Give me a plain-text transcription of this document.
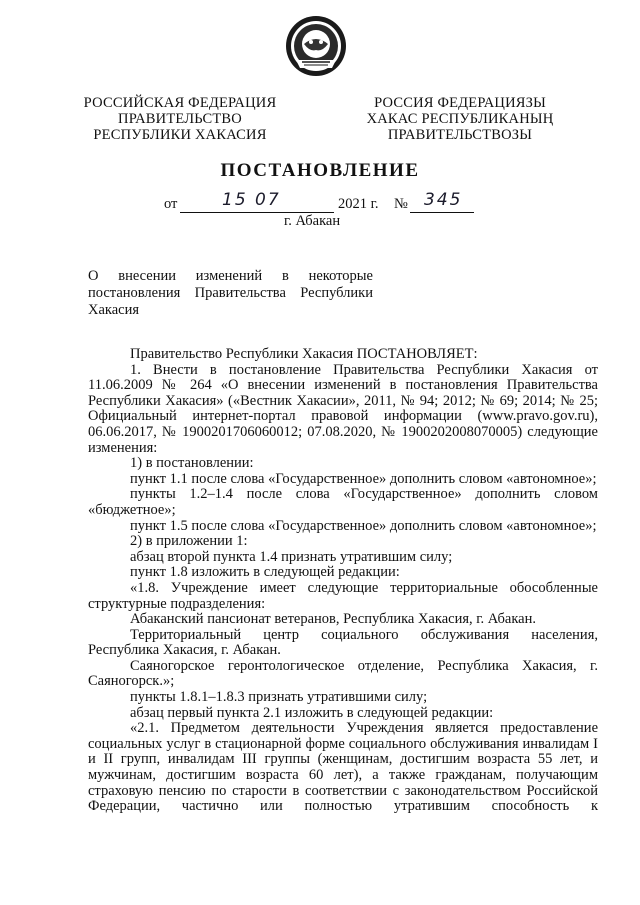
РОССИЙСКАЯ ФЕДЕРАЦИЯ
ПРАВИТЕЛЬСТВО
РЕСПУБЛИКИ ХАКАСИЯ
РОССИЯ ФЕДЕРАЦИЯЗЫ
ХАКАС РЕСПУБЛИКАНЫҢ
ПРАВИТЕЛЬСТВОЗЫ
ПОСТАНОВЛЕНИЕ
от	15 07	2021 г. № 345
г. Абакан
О внесении изменений в некоторые
постановления Правительства Республики
Хакасия

Правительство Республики Хакасия ПОСТАНОВЛЯЕТ:

1. Внести в постановление Правительства Республики Хакасия от 11.06.2009 № 264 «О внесении изменений в постановления Правительства Республики Хакасия» («Вестник Хакасии», 2011, № 94; 2012; № 69; 2014; № 25; Официальный интернет-портал правовой информации (www.pravo.gov.ru), 06.06.2017, № 1900201706060012; 07.08.2020, № 1900202008070005) следующие изменения:

1) в постановлении:

пункт 1.1 после слова «Государственное» дополнить словом «автономное»;

пункты 1.2–1.4 после слова «Государственное» дополнить словом «бюджетное»;

пункт 1.5 после слова «Государственное» дополнить словом «автономное»;

2) в приложении 1:

абзац второй пункта 1.4 признать утратившим силу;

пункт 1.8 изложить в следующей редакции:

«1.8. Учреждение имеет следующие территориальные обособленные структурные подразделения:

Абаканский пансионат ветеранов, Республика Хакасия, г. Абакан.

Территориальный центр социального обслуживания населения, Республика Хакасия, г. Абакан.

Саяногорское геронтологическое отделение, Республика Хакасия, г. Саяногорск.»;

пункты 1.8.1–1.8.3 признать утратившими силу;

абзац первый пункта 2.1 изложить в следующей редакции:

«2.1. Предметом деятельности Учреждения является предоставление социальных услуг в стационарной форме социального обслуживания инвалидам I и II групп, инвалидам III группы (женщинам, достигшим возраста 55 лет, и мужчинам, достигшим возраста 60 лет), а также гражданам, получающим страховую пенсию по старости в соответствии с законодательством Российской Федерации, частично или полностью утратившим способность к
